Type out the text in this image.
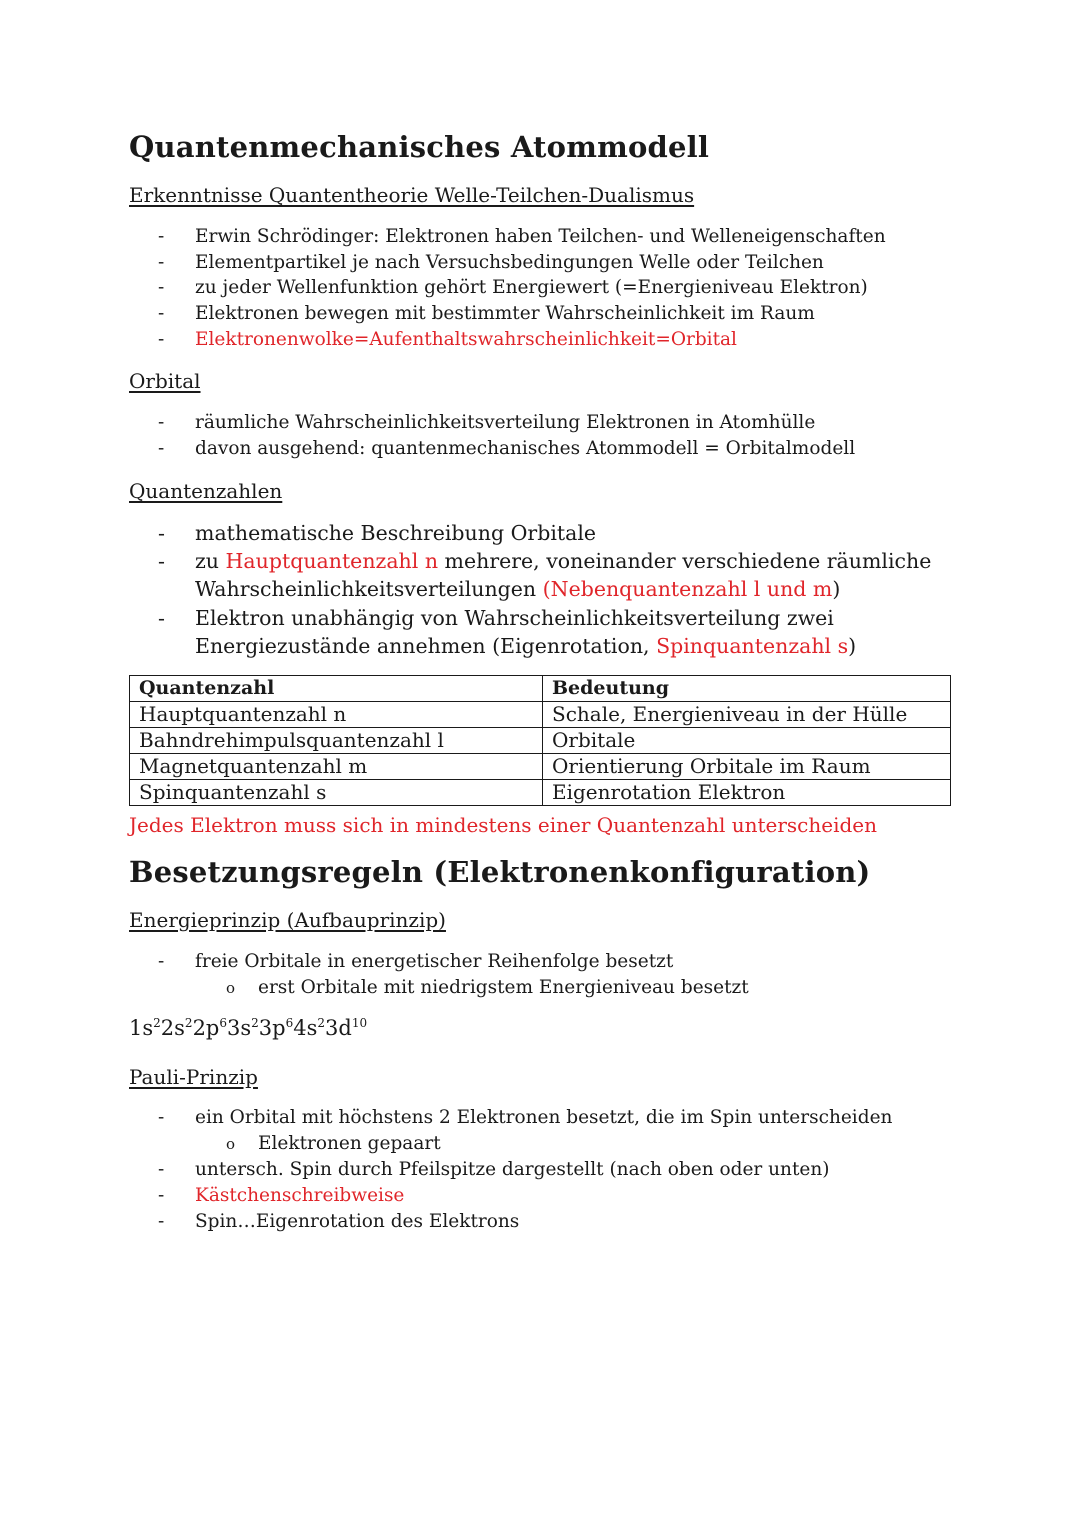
Quantenmechanisches Atommodell
Erkenntnisse Quantentheorie Welle-Teilchen-Dualismus
- Erwin Schrödinger: Elektronen haben Teilchen- und Welleneigenschaften
- Elementpartikel je nach Versuchsbedingungen Welle oder Teilchen
- zu jeder Wellenfunktion gehört Energiewert (=Energieniveau Elektron)
- Elektronen bewegen mit bestimmter Wahrscheinlichkeit im Raum
- Elektronenwolke=Aufenthaltswahrscheinlichkeit=Orbital
Orbital
- räumliche Wahrscheinlichkeitsverteilung Elektronen in Atomhülle
- davon ausgehend: quantenmechanisches Atommodell = Orbitalmodell
Quantenzahlen
- mathematische Beschreibung Orbitale
- zu Hauptquantenzahl n mehrere, voneinander verschiedene räumliche
Wahrscheinlichkeitsverteilungen (Nebenquantenzahl l und m)
- Elektron unabhängig von Wahrscheinlichkeitsverteilung zwei
Energiezustände annehmen (Eigenrotation, Spinquantenzahl s)
Quantenzahl	Bedeutung
Hauptquantenzahl n	Schale, Energieniveau in der Hülle
Bahndrehimpulsquantenzahl l	Orbitale
Magnetquantenzahl m	Orientierung Orbitale im Raum
Spinquantenzahl s	Eigenrotation Elektron
Jedes Elektron muss sich in mindestens einer Quantenzahl unterscheiden
Besetzungsregeln (Elektronenkonfiguration)
Energieprinzip (Aufbauprinzip)
- freie Orbitale in energetischer Reihenfolge besetzt
o erst Orbitale mit niedrigstem Energieniveau besetzt
$1s^22s^22p^63s^23p^64s^23d^{10}$
Pauli-Prinzip
- ein Orbital mit höchstens 2 Elektronen besetzt, die im Spin unterscheiden
o Elektronen gepaart
- untersch. Spin durch Pfeilspitze dargestellt (nach oben oder unten)
- Kästchenschreibweise
- Spin…Eigenrotation des Elektrons
